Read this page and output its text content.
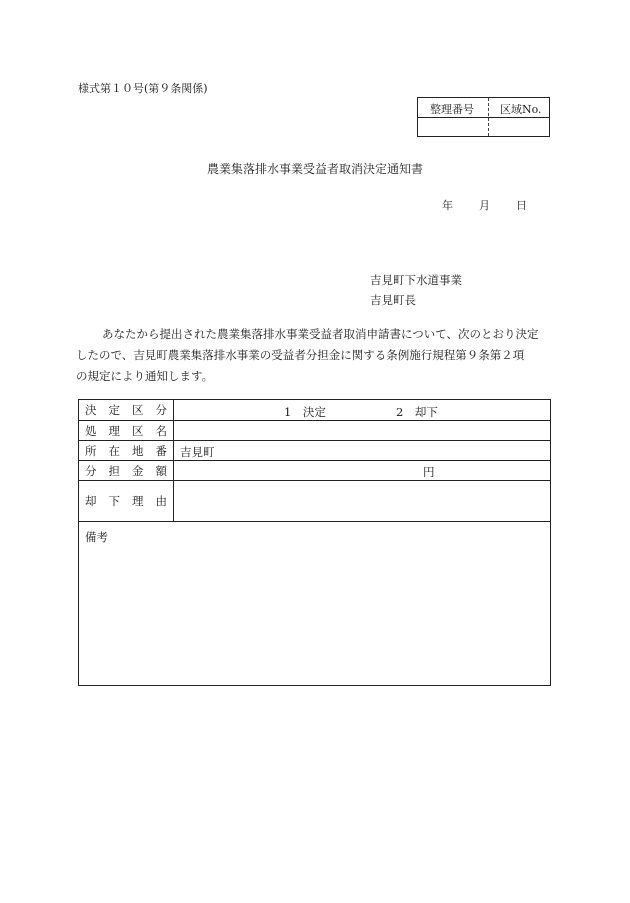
様式第１０号(第９条関係)
整理番号 区域No.
農業集落排水事業受益者取消決定通知書
年 月 日
吉見町下水道事業
吉見町長
あなたから提出された農業集落排水事業受益者取消申請書について、次のとおり決定
したので、吉見町農業集落排水事業の受益者分担金に関する条例施行規程第９条第２項
の規定により通知します。
決 定 区 分	1　決定	2　却下
処 理 区 名
所 在 地 番 吉見町
分 担 金 額	円
却 下 理 由
備考
